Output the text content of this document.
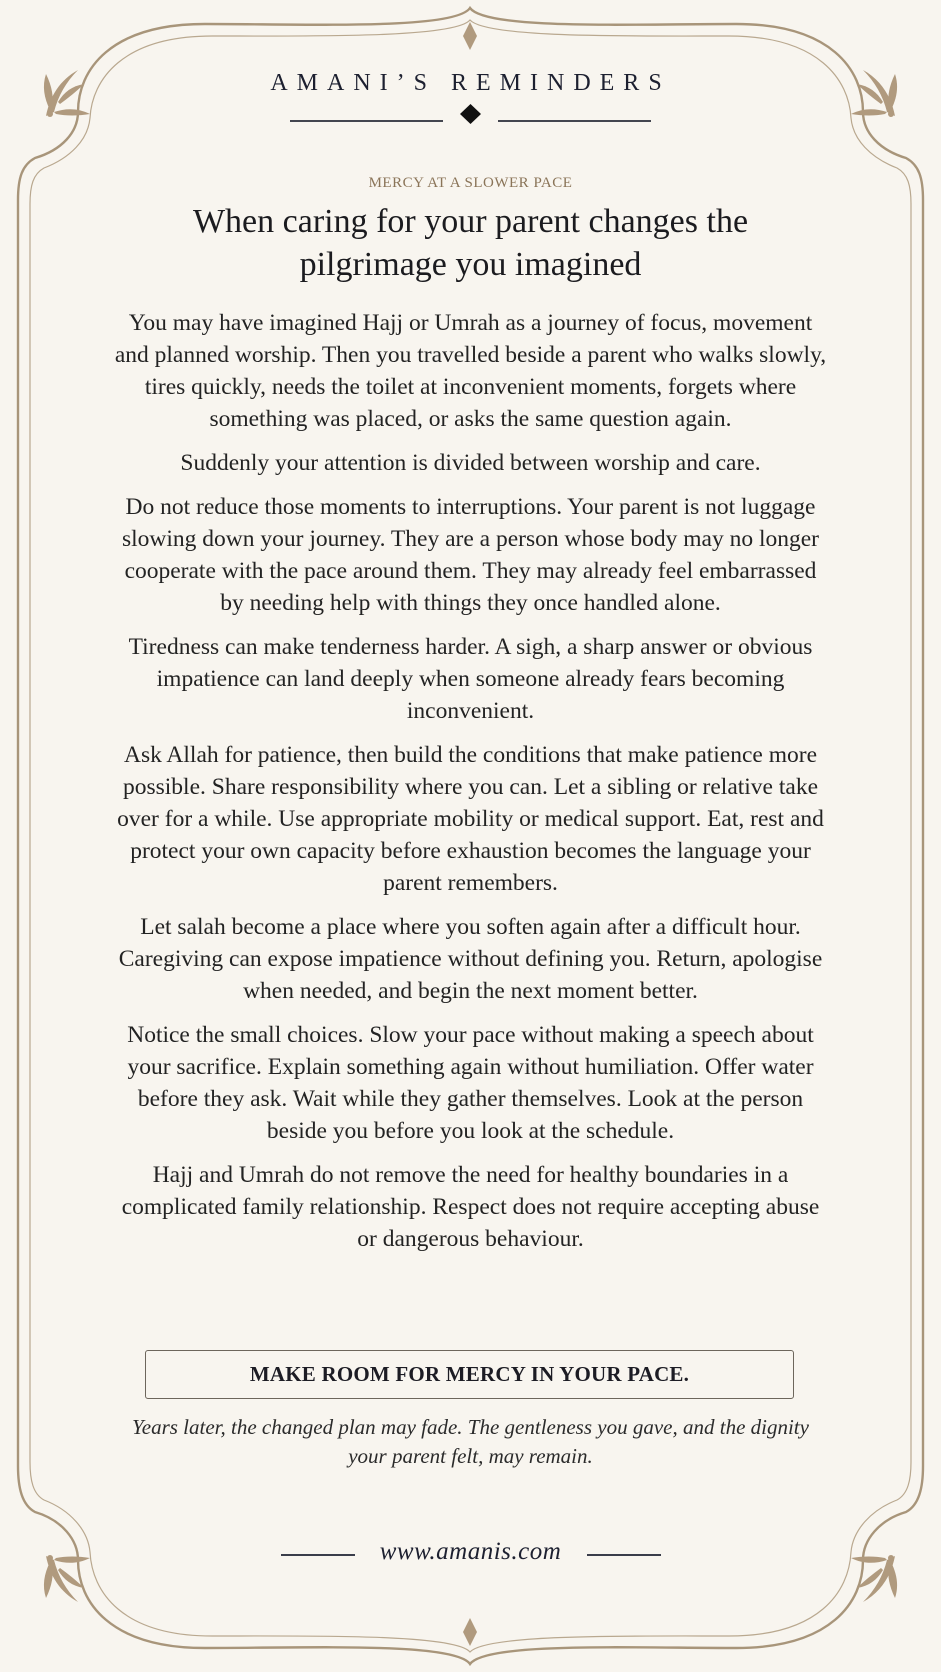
AMANI’S REMINDERS
MERCY AT A SLOWER PACE
When caring for your parent changes the pilgrimage you imagined

You may have imagined Hajj or Umrah as a journey of focus, movement and planned worship. Then you travelled beside a parent who walks slowly, tires quickly, needs the toilet at inconvenient moments, forgets where something was placed, or asks the same question again.

Suddenly your attention is divided between worship and care.

Do not reduce those moments to interruptions. Your parent is not luggage slowing down your journey. They are a person whose body may no longer cooperate with the pace around them. They may already feel embarrassed by needing help with things they once handled alone.

Tiredness can make tenderness harder. A sigh, a sharp answer or obvious impatience can land deeply when someone already fears becoming inconvenient.

Ask Allah for patience, then build the conditions that make patience more possible. Share responsibility where you can. Let a sibling or relative take over for a while. Use appropriate mobility or medical support. Eat, rest and protect your own capacity before exhaustion becomes the language your parent remembers.

Let salah become a place where you soften again after a difficult hour. Caregiving can expose impatience without defining you. Return, apologise when needed, and begin the next moment better.

Notice the small choices. Slow your pace without making a speech about your sacrifice. Explain something again without humiliation. Offer water before they ask. Wait while they gather themselves. Look at the person beside you before you look at the schedule.

Hajj and Umrah do not remove the need for healthy boundaries in a complicated family relationship. Respect does not require accepting abuse or dangerous behaviour.

MAKE ROOM FOR MERCY IN YOUR PACE.
Years later, the changed plan may fade. The gentleness you gave, and the dignity your parent felt, may remain.
www.amanis.com
